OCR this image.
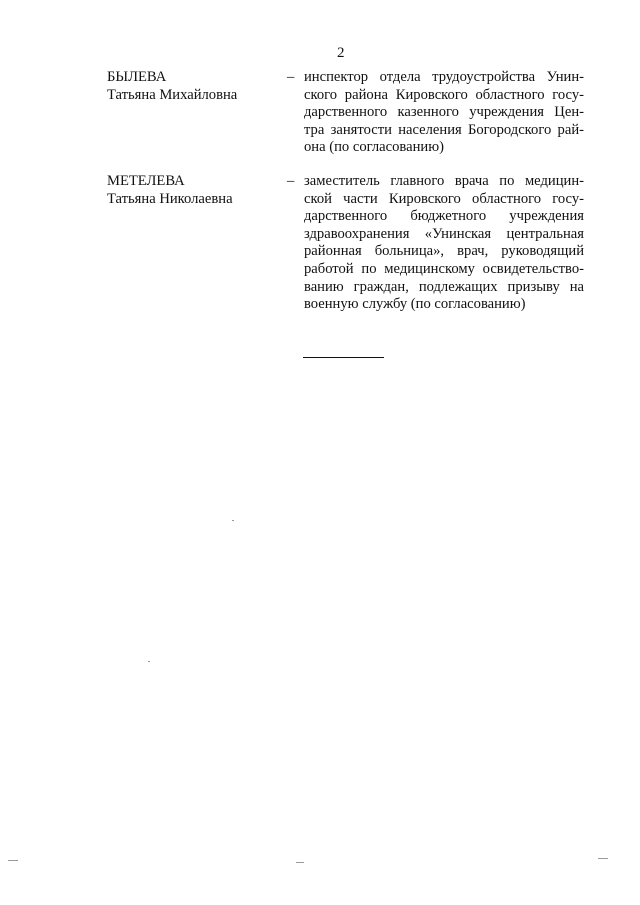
2
БЫЛЕВА
Татьяна Михайловна
– инспектор отдела трудоустройства Унин-
ского района Кировского областного госу-
дарственного казенного учреждения Цен-
тра занятости населения Богородского рай-
она (по согласованию)
МЕТЕЛЕВА
Татьяна Николаевна
– заместитель главного врача по медицин-
ской части Кировского областного госу-
дарственного бюджетного учреждения
здравоохранения «Унинская центральная
районная больница», врач, руководящий
работой по медицинскому освидетельство-
ванию граждан, подлежащих призыву на
военную службу (по согласованию)
